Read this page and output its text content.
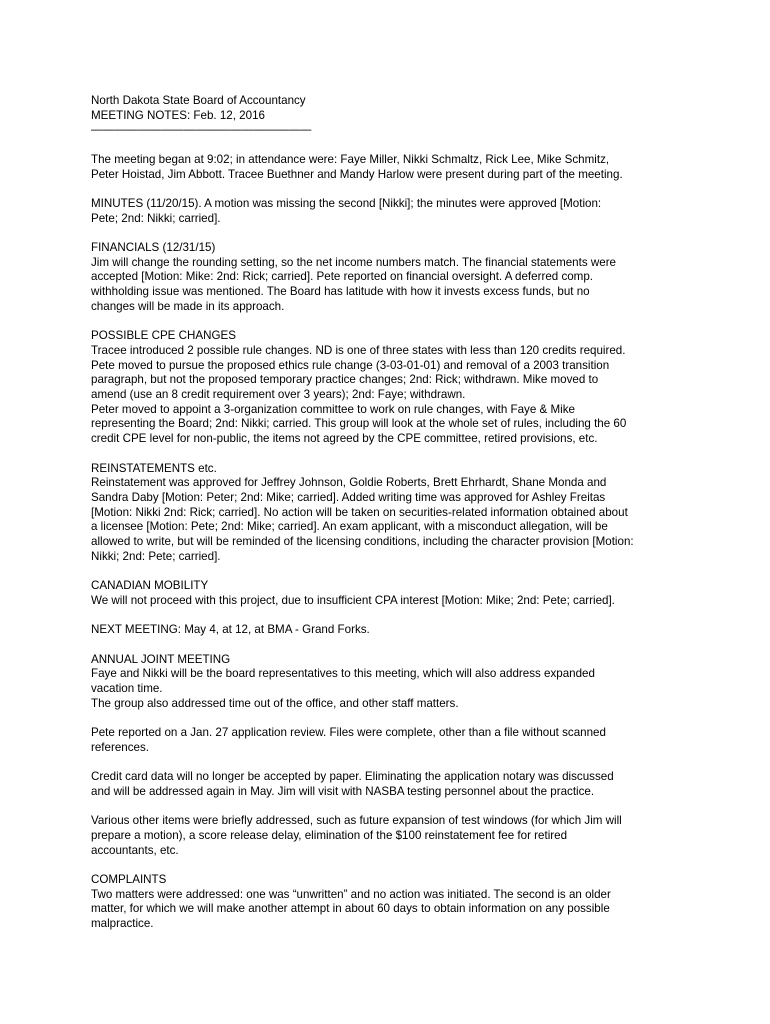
North Dakota State Board of Accountancy

MEETING NOTES: Feb. 12, 2016

———————————————————

The meeting began at 9:02; in attendance were: Faye Miller, Nikki Schmaltz, Rick Lee, Mike Schmitz,

Peter Hoistad, Jim Abbott. Tracee Buethner and Mandy Harlow were present during part of the meeting.

MINUTES (11/20/15). A motion was missing the second [Nikki]; the minutes were approved [Motion:

Pete; 2nd: Nikki; carried].

FINANCIALS (12/31/15)

Jim will change the rounding setting, so the net income numbers match. The financial statements were

accepted [Motion: Mike: 2nd: Rick; carried]. Pete reported on financial oversight. A deferred comp.

withholding issue was mentioned. The Board has latitude with how it invests excess funds, but no

changes will be made in its approach.

POSSIBLE CPE CHANGES

Tracee introduced 2 possible rule changes. ND is one of three states with less than 120 credits required.

Pete moved to pursue the proposed ethics rule change (3-03-01-01) and removal of a 2003 transition

paragraph, but not the proposed temporary practice changes; 2nd: Rick; withdrawn. Mike moved to

amend (use an 8 credit requirement over 3 years); 2nd: Faye; withdrawn.

Peter moved to appoint a 3-organization committee to work on rule changes, with Faye & Mike

representing the Board; 2nd: Nikki; carried. This group will look at the whole set of rules, including the 60

credit CPE level for non-public, the items not agreed by the CPE committee, retired provisions, etc.

REINSTATEMENTS etc.

Reinstatement was approved for Jeffrey Johnson, Goldie Roberts, Brett Ehrhardt, Shane Monda and

Sandra Daby [Motion: Peter; 2nd: Mike; carried]. Added writing time was approved for Ashley Freitas

[Motion: Nikki 2nd: Rick; carried]. No action will be taken on securities-related information obtained about

a licensee [Motion: Pete; 2nd: Mike; carried]. An exam applicant, with a misconduct allegation, will be

allowed to write, but will be reminded of the licensing conditions, including the character provision [Motion:

Nikki; 2nd: Pete; carried].

CANADIAN MOBILITY

We will not proceed with this project, due to insufficient CPA interest [Motion: Mike; 2nd: Pete; carried].

NEXT MEETING: May 4, at 12, at BMA - Grand Forks.

ANNUAL JOINT MEETING

Faye and Nikki will be the board representatives to this meeting, which will also address expanded

vacation time.

The group also addressed time out of the office, and other staff matters.

Pete reported on a Jan. 27 application review. Files were complete, other than a file without scanned

references.

Credit card data will no longer be accepted by paper. Eliminating the application notary was discussed

and will be addressed again in May. Jim will visit with NASBA testing personnel about the practice.

Various other items were briefly addressed, such as future expansion of test windows (for which Jim will

prepare a motion), a score release delay, elimination of the $100 reinstatement fee for retired

accountants, etc.

COMPLAINTS

Two matters were addressed: one was “unwritten” and no action was initiated. The second is an older

matter, for which we will make another attempt in about 60 days to obtain information on any possible

malpractice.
